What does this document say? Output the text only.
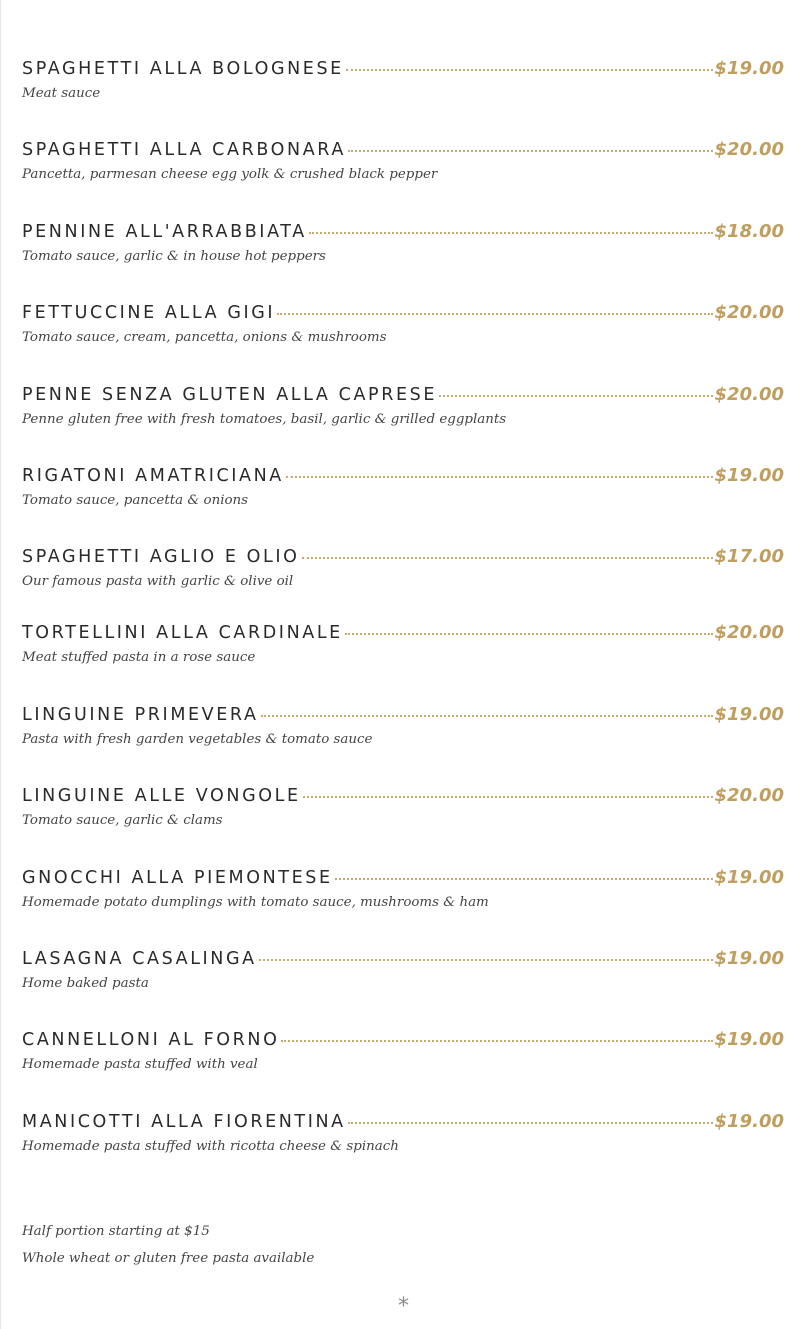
SPAGHETTI ALLA BOLOGNESE	$19.00
Meat sauce
SPAGHETTI ALLA CARBONARA	$20.00
Pancetta, parmesan cheese egg yolk & crushed black pepper
PENNINE ALL'ARRABBIATA	$18.00
Tomato sauce, garlic & in house hot peppers
FETTUCCINE ALLA GIGI	$20.00
Tomato sauce, cream, pancetta, onions & mushrooms
PENNE SENZA GLUTEN ALLA CAPRESE	$20.00
Penne gluten free with fresh tomatoes, basil, garlic & grilled eggplants
RIGATONI AMATRICIANA	$19.00
Tomato sauce, pancetta & onions
SPAGHETTI AGLIO E OLIO	$17.00
Our famous pasta with garlic & olive oil
TORTELLINI ALLA CARDINALE	$20.00
Meat stuffed pasta in a rose sauce
LINGUINE PRIMEVERA	$19.00
Pasta with fresh garden vegetables & tomato sauce
LINGUINE ALLE VONGOLE	$20.00
Tomato sauce, garlic & clams
GNOCCHI ALLA PIEMONTESE	$19.00
Homemade potato dumplings with tomato sauce, mushrooms & ham
LASAGNA CASALINGA	$19.00
Home baked pasta
CANNELLONI AL FORNO	$19.00
Homemade pasta stuffed with veal
MANICOTTI ALLA FIORENTINA	$19.00
Homemade pasta stuffed with ricotta cheese & spinach
Half portion starting at $15
Whole wheat or gluten free pasta available
*
